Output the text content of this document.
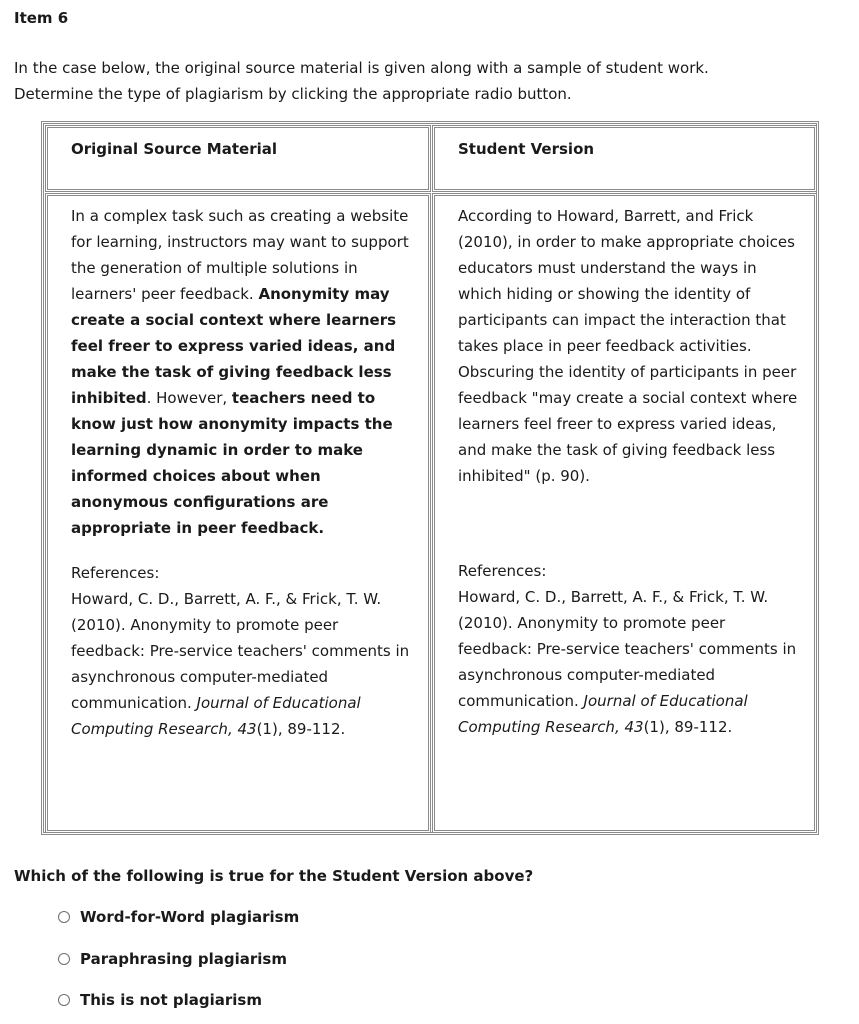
Item 6
In the case below, the original source material is given along with a sample of student work.
Determine the type of plagiarism by clicking the appropriate radio button.
Original Source Material	Student Version

In a complex task such as creating a website for learning, instructors may want to support the generation of multiple solutions in learners' peer feedback. Anonymity may create a social context where learners feel freer to express varied ideas, and make the task of giving feedback less inhibited. However, teachers need to know just how anonymity impacts the learning dynamic in order to make informed choices about when anonymous configurations are appropriate in peer feedback.

References:

Howard, C. D., Barrett, A. F., & Frick, T. W. (2010). Anonymity to promote peer feedback: Pre-service teachers' comments in asynchronous computer-mediated communication. Journal of Educational Computing Research, 43(1), 89-112.

According to Howard, Barrett, and Frick (2010), in order to make appropriate choices educators must understand the ways in which hiding or showing the identity of participants can impact the interaction that takes place in peer feedback activities. Obscuring the identity of participants in peer feedback "may create a social context where learners feel freer to express varied ideas, and make the task of giving feedback less inhibited" (p. 90).

References:

Howard, C. D., Barrett, A. F., & Frick, T. W. (2010). Anonymity to promote peer feedback: Pre-service teachers' comments in asynchronous computer-mediated communication. Journal of Educational Computing Research, 43(1), 89-112.

Which of the following is true for the Student Version above?
Word-for-Word plagiarism
Paraphrasing plagiarism
This is not plagiarism
